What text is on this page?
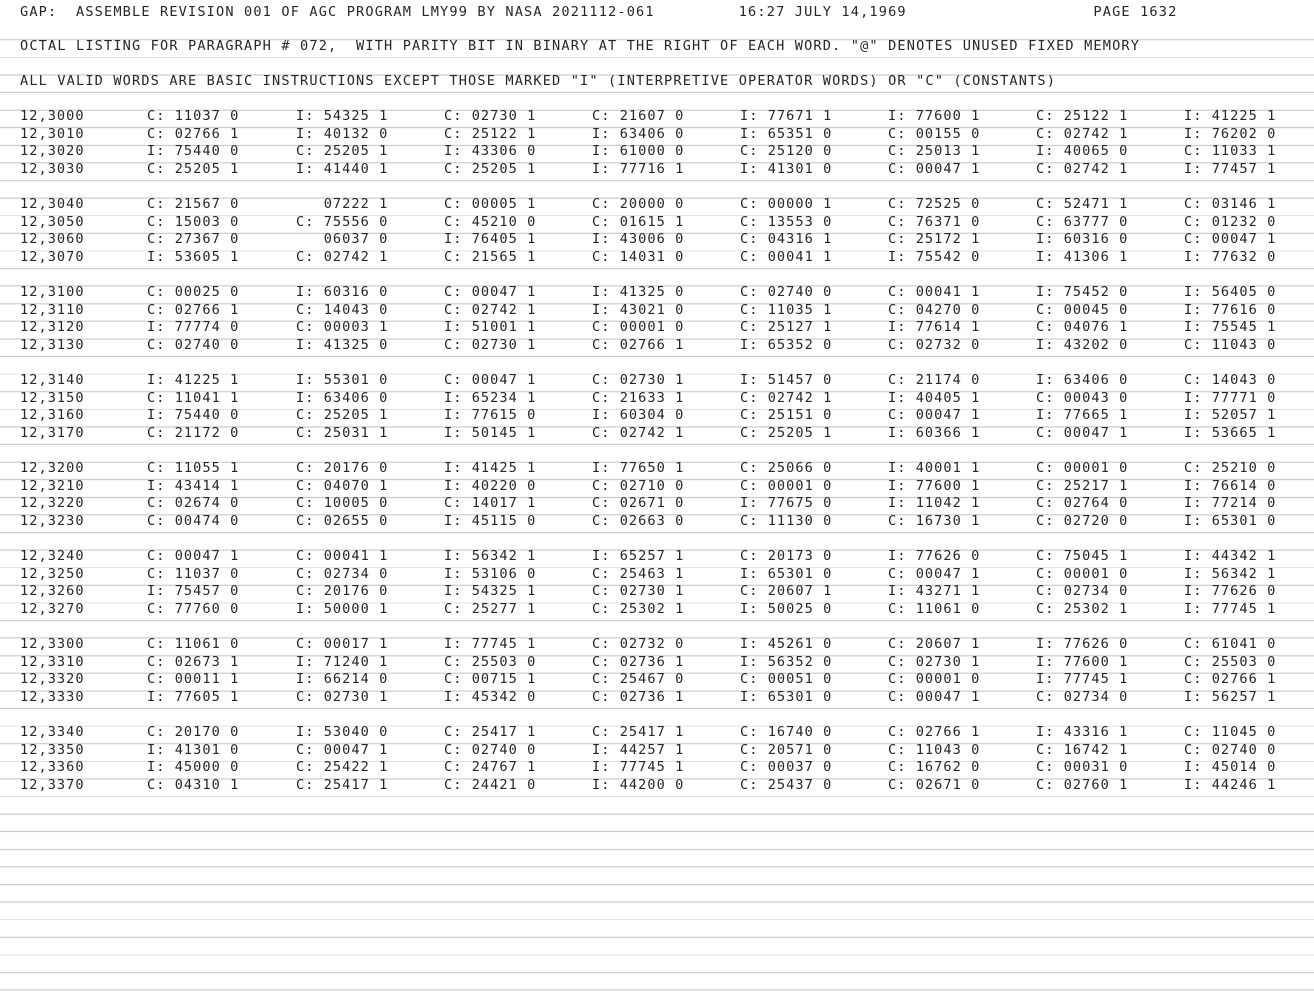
GAP:  ASSEMBLE REVISION 001 OF AGC PROGRAM LMY99 BY NASA 2021112-061         16:27 JULY 14,1969                    PAGE 1632
OCTAL LISTING FOR PARAGRAPH # 072,  WITH PARITY BIT IN BINARY AT THE RIGHT OF EACH WORD. "@" DENOTES UNUSED FIXED MEMORY
ALL VALID WORDS ARE BASIC INSTRUCTIONS EXCEPT THOSE MARKED "I" (INTERPRETIVE OPERATOR WORDS) OR "C" (CONSTANTS)
12,3000	C: 11037 0	I: 54325 1	C: 02730 1	C: 21607 0	I: 77671 1	I: 77600 1	C: 25122 1	I: 41225 1
12,3010	C: 02766 1	I: 40132 0	C: 25122 1	I: 63406 0	I: 65351 0	C: 00155 0	C: 02742 1	I: 76202 0
12,3020	I: 75440 0	C: 25205 1	I: 43306 0	I: 61000 0	C: 25120 0	C: 25013 1	I: 40065 0	C: 11033 1
12,3030	C: 25205 1	I: 41440 1	C: 25205 1	I: 77716 1	I: 41301 0	C: 00047 1	C: 02742 1	I: 77457 1
12,3040	C: 21567 0	07222 1	C: 00005 1	C: 20000 0	C: 00000 1	C: 72525 0	C: 52471 1	C: 03146 1
12,3050	C: 15003 0	C: 75556 0	C: 45210 0	C: 01615 1	C: 13553 0	C: 76371 0	C: 63777 0	C: 01232 0
12,3060	C: 27367 0	06037 0	I: 76405 1	I: 43006 0	C: 04316 1	C: 25172 1	I: 60316 0	C: 00047 1
12,3070	I: 53605 1	C: 02742 1	C: 21565 1	C: 14031 0	C: 00041 1	I: 75542 0	I: 41306 1	I: 77632 0
12,3100	C: 00025 0	I: 60316 0	C: 00047 1	I: 41325 0	C: 02740 0	C: 00041 1	I: 75452 0	I: 56405 0
12,3110	C: 02766 1	C: 14043 0	C: 02742 1	I: 43021 0	C: 11035 1	C: 04270 0	C: 00045 0	I: 77616 0
12,3120	I: 77774 0	C: 00003 1	I: 51001 1	C: 00001 0	C: 25127 1	I: 77614 1	C: 04076 1	I: 75545 1
12,3130	C: 02740 0	I: 41325 0	C: 02730 1	C: 02766 1	I: 65352 0	C: 02732 0	I: 43202 0	C: 11043 0
12,3140	I: 41225 1	I: 55301 0	C: 00047 1	C: 02730 1	I: 51457 0	C: 21174 0	I: 63406 0	C: 14043 0
12,3150	C: 11041 1	I: 63406 0	I: 65234 1	C: 21633 1	C: 02742 1	I: 40405 1	C: 00043 0	I: 77771 0
12,3160	I: 75440 0	C: 25205 1	I: 77615 0	I: 60304 0	C: 25151 0	C: 00047 1	I: 77665 1	I: 52057 1
12,3170	C: 21172 0	C: 25031 1	I: 50145 1	C: 02742 1	C: 25205 1	I: 60366 1	C: 00047 1	I: 53665 1
12,3200	C: 11055 1	C: 20176 0	I: 41425 1	I: 77650 1	C: 25066 0	I: 40001 1	C: 00001 0	C: 25210 0
12,3210	I: 43414 1	C: 04070 1	I: 40220 0	C: 02710 0	C: 00001 0	I: 77600 1	C: 25217 1	I: 76614 0
12,3220	C: 02674 0	C: 10005 0	C: 14017 1	C: 02671 0	I: 77675 0	I: 11042 1	C: 02764 0	I: 77214 0
12,3230	C: 00474 0	C: 02655 0	I: 45115 0	C: 02663 0	C: 11130 0	C: 16730 1	C: 02720 0	I: 65301 0
12,3240	C: 00047 1	C: 00041 1	I: 56342 1	I: 65257 1	C: 20173 0	I: 77626 0	C: 75045 1	I: 44342 1
12,3250	C: 11037 0	C: 02734 0	I: 53106 0	C: 25463 1	I: 65301 0	C: 00047 1	C: 00001 0	I: 56342 1
12,3260	I: 75457 0	C: 20176 0	I: 54325 1	C: 02730 1	C: 20607 1	I: 43271 1	C: 02734 0	I: 77626 0
12,3270	C: 77760 0	I: 50000 1	C: 25277 1	C: 25302 1	I: 50025 0	C: 11061 0	C: 25302 1	I: 77745 1
12,3300	C: 11061 0	C: 00017 1	I: 77745 1	C: 02732 0	I: 45261 0	C: 20607 1	I: 77626 0	C: 61041 0
12,3310	C: 02673 1	I: 71240 1	C: 25503 0	C: 02736 1	I: 56352 0	C: 02730 1	I: 77600 1	C: 25503 0
12,3320	C: 00011 1	I: 66214 0	C: 00715 1	C: 25467 0	C: 00051 0	C: 00001 0	I: 77745 1	C: 02766 1
12,3330	I: 77605 1	C: 02730 1	I: 45342 0	C: 02736 1	I: 65301 0	C: 00047 1	C: 02734 0	I: 56257 1
12,3340	C: 20170 0	I: 53040 0	C: 25417 1	C: 25417 1	C: 16740 0	C: 02766 1	I: 43316 1	C: 11045 0
12,3350	I: 41301 0	C: 00047 1	C: 02740 0	I: 44257 1	C: 20571 0	C: 11043 0	C: 16742 1	C: 02740 0
12,3360	I: 45000 0	C: 25422 1	C: 24767 1	I: 77745 1	C: 00037 0	C: 16762 0	C: 00031 0	I: 45014 0
12,3370	C: 04310 1	C: 25417 1	C: 24421 0	I: 44200 0	C: 25437 0	C: 02671 0	C: 02760 1	I: 44246 1
